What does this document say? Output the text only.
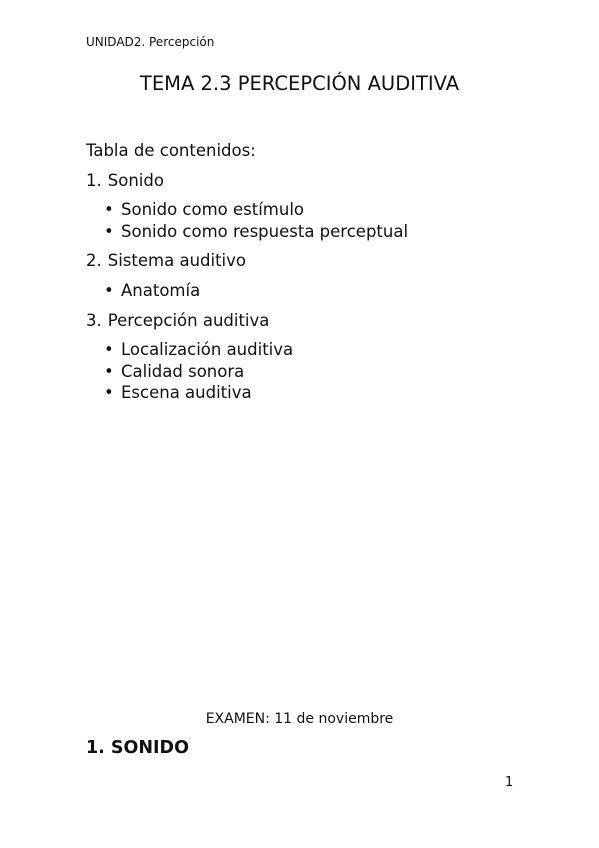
UNIDAD2. Percepción
TEMA 2.3 PERCEPCIÓN AUDITIVA
Tabla de contenidos:
1. Sonido
• Sonido como estímulo
• Sonido como respuesta perceptual
2. Sistema auditivo
• Anatomía
3. Percepción auditiva
• Localización auditiva
• Calidad sonora
• Escena auditiva
EXAMEN: 11 de noviembre
1. SONIDO
1
